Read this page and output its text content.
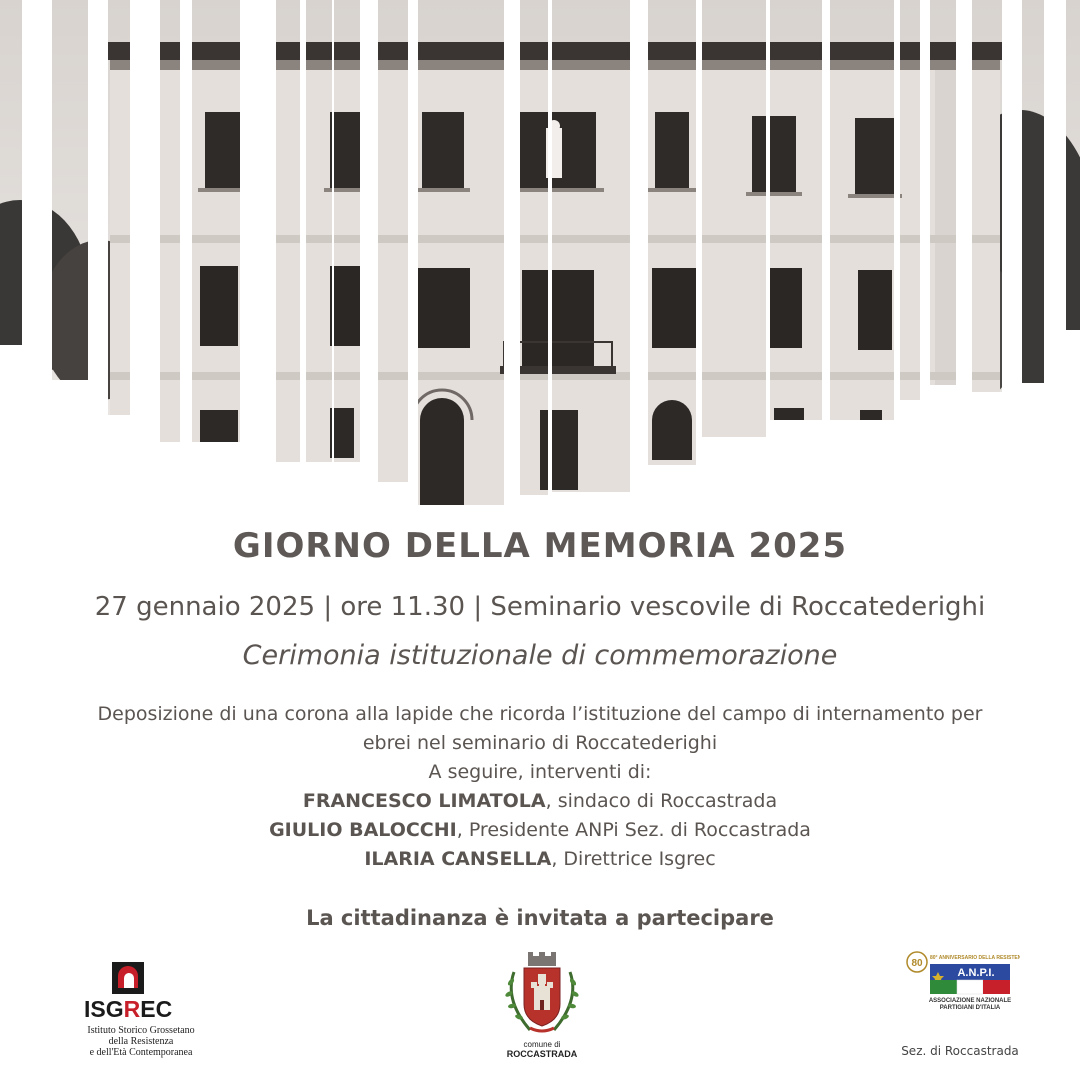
GIORNO DELLA MEMORIA 2025
27 gennaio 2025 | ore 11.30 | Seminario vescovile di Roccatederighi
Cerimonia istituzionale di commemorazione
Deposizione di una corona alla lapide che ricorda l’istituzione del campo di internamento per
ebrei nel seminario di Roccatederighi
A seguire, interventi di:
FRANCESCO LIMATOLA, sindaco di Roccastrada
GIULIO BALOCCHI, Presidente ANPi Sez. di Roccastrada
ILARIA CANSELLA, Direttrice Isgrec
La cittadinanza è invitata a partecipare
ISGREC
Istituto Storico Grossetano
della Resistenza
e dell'Età Contemporanea
comune di
ROCCASTRADA
80 80° ANNIVERSARIO DELLA RESISTENZA
A.N.P.I.
ASSOCIAZIONE NAZIONALE
PARTIGIANI D'ITALIA
Sez. di Roccastrada
